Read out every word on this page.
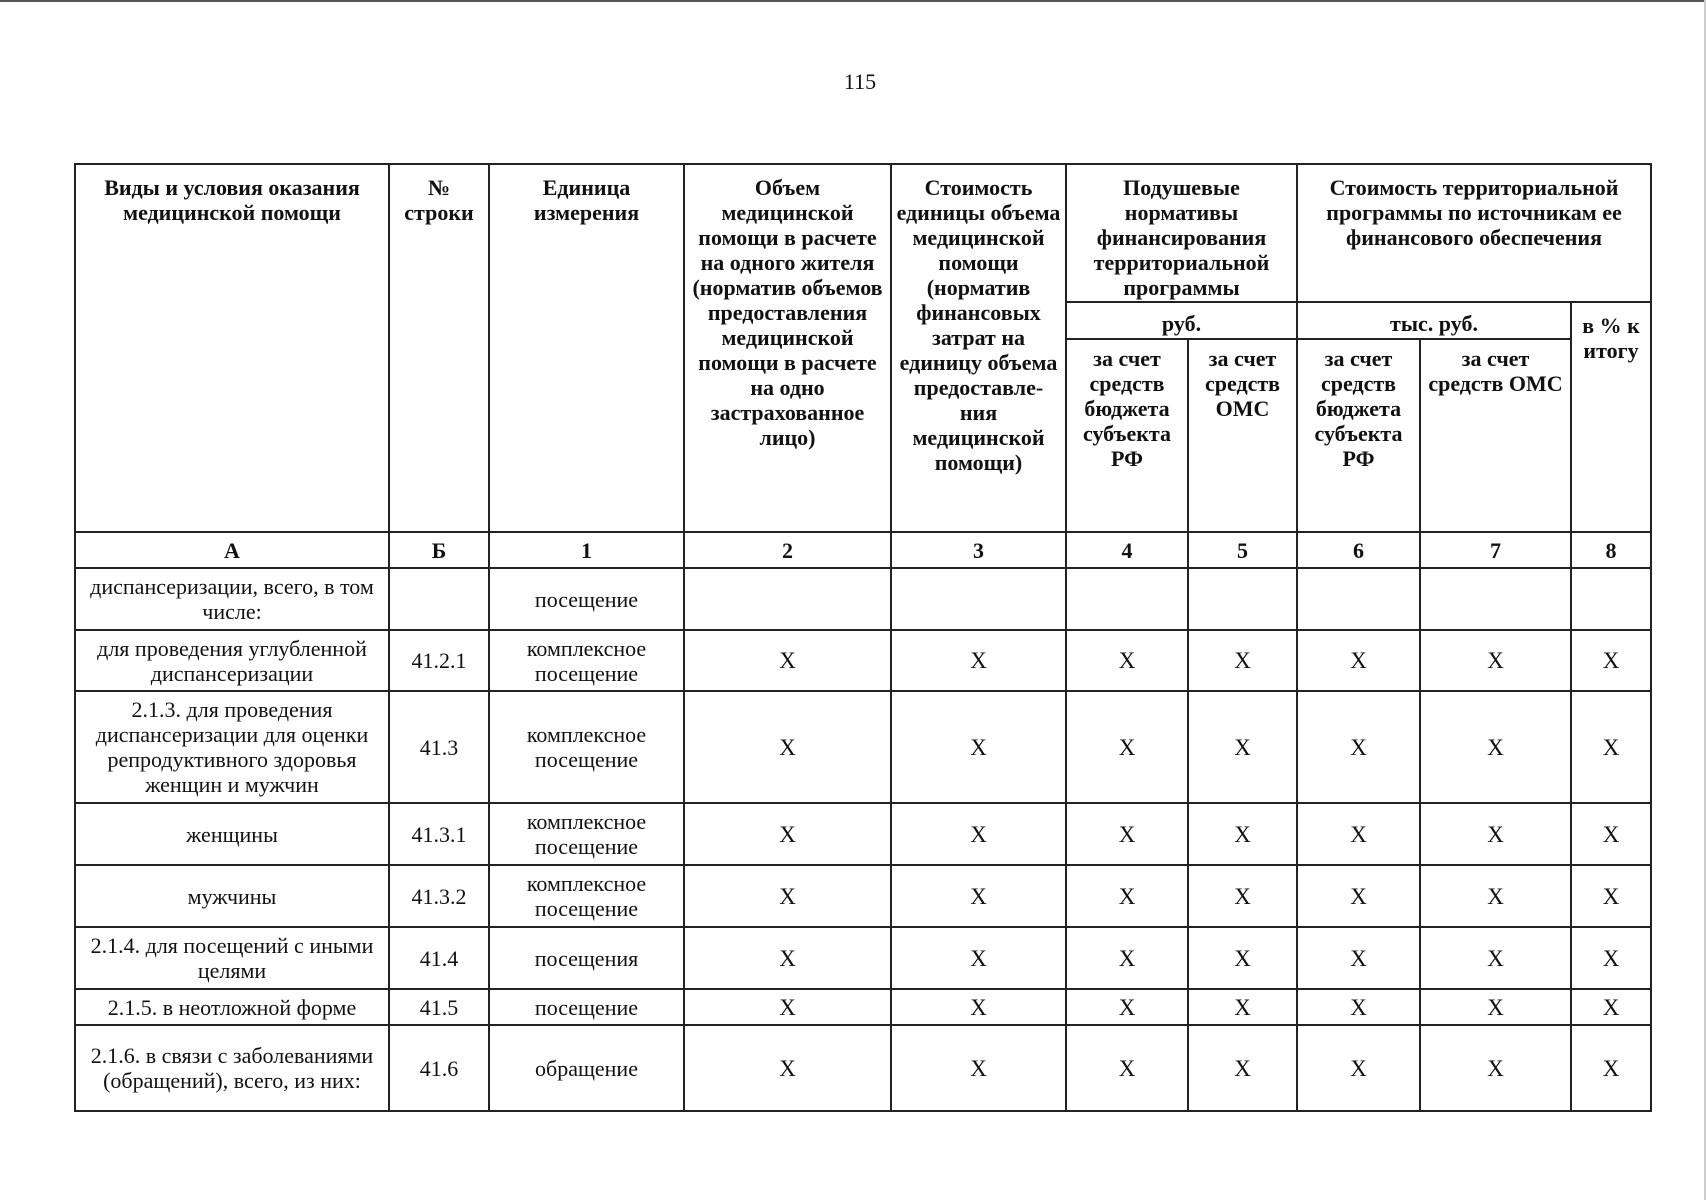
115
Виды и условия оказания медицинской помощи	№ строки	Единица измерения	Объем медицинской помощи в расчете на одного жителя (норматив объемов предоставления медицинской помощи в расчете на одно застрахованное лицо)	Стоимость единицы объема медицинской помощи (норматив финансовых затрат на единицу объема предоставле-ния медицинской помощи)	Подушевые нормативы финансирования территориальной программы		Стоимость территориальной программы по источникам ее финансового обеспечения		

					руб.		тыс. руб.		в % к итогу

					за счет средств бюджета субъекта РФ	за счет средств ОМС	за счет средств бюджета субъекта РФ	за счет средств ОМС	
А	Б	1	2	3	4	5	6	7	8
диспансеризации, всего, в том числе:		посещение							
для проведения углубленной диспансеризации	41.2.1	комплексное посещение	Х	Х	Х	Х	Х	Х	Х
2.1.3. для проведения диспансеризации для оценки репродуктивного здоровья женщин и мужчин	41.3	комплексное посещение	Х	Х	Х	Х	Х	Х	Х
женщины	41.3.1	комплексное посещение	Х	Х	Х	Х	Х	Х	Х
мужчины	41.3.2	комплексное посещение	Х	Х	Х	Х	Х	Х	Х
2.1.4. для посещений с иными целями	41.4	посещения	Х	Х	Х	Х	Х	Х	Х
2.1.5. в неотложной форме	41.5	посещение	Х	Х	Х	Х	Х	Х	Х
2.1.6. в связи с заболеваниями (обращений), всего, из них:	41.6	обращение	Х	Х	Х	Х	Х	Х	Х
